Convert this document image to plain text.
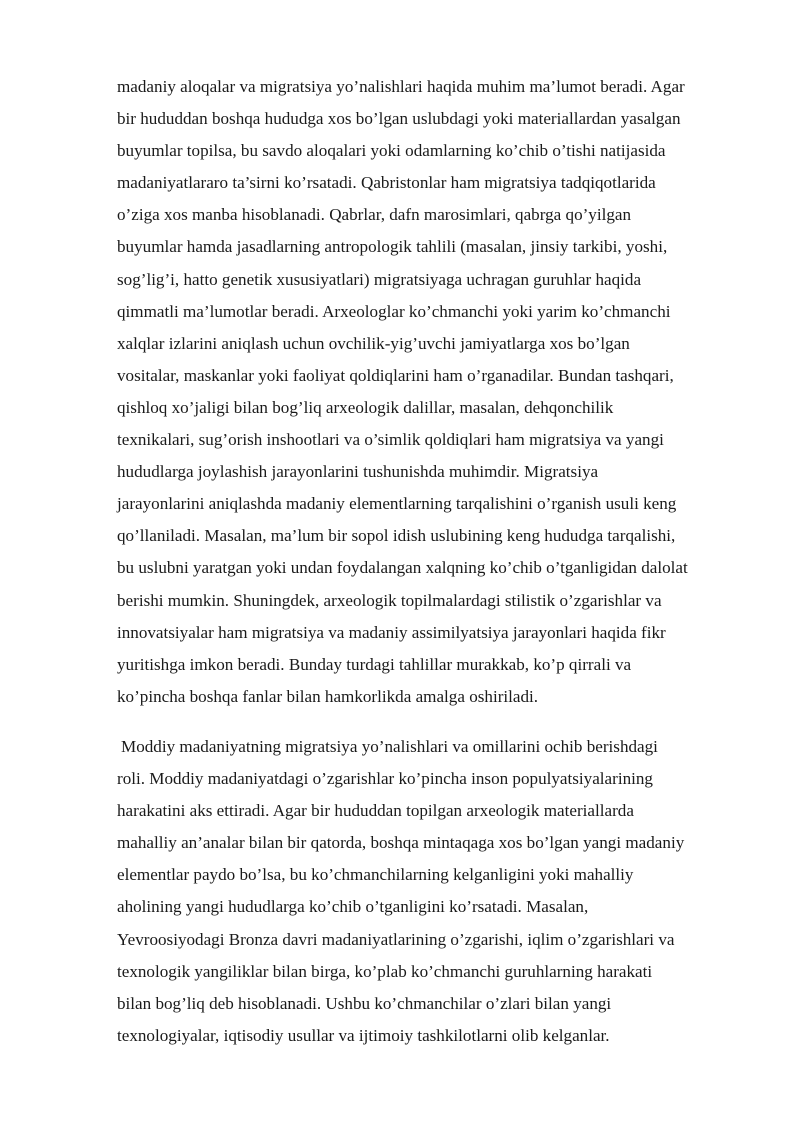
madaniy aloqalar va migratsiya yo’nalishlari haqida muhim ma’lumot beradi. Agar
bir hududdan boshqa hududga xos bo’lgan uslubdagi yoki materiallardan yasalgan
buyumlar topilsa, bu savdo aloqalari yoki odamlarning ko’chib o’tishi natijasida
madaniyatlararo ta’sirni ko’rsatadi. Qabristonlar ham migratsiya tadqiqotlarida
o’ziga xos manba hisoblanadi. Qabrlar, dafn marosimlari, qabrga qo’yilgan
buyumlar hamda jasadlarning antropologik tahlili (masalan, jinsiy tarkibi, yoshi,
sog’lig’i, hatto genetik xususiyatlari) migratsiyaga uchragan guruhlar haqida
qimmatli ma’lumotlar beradi. Arxeologlar ko’chmanchi yoki yarim ko’chmanchi
xalqlar izlarini aniqlash uchun ovchilik-yig’uvchi jamiyatlarga xos bo’lgan
vositalar, maskanlar yoki faoliyat qoldiqlarini ham o’rganadilar. Bundan tashqari,
qishloq xo’jaligi bilan bog’liq arxeologik dalillar, masalan, dehqonchilik
texnikalari, sug’orish inshootlari va o’simlik qoldiqlari ham migratsiya va yangi
hududlarga joylashish jarayonlarini tushunishda muhimdir. Migratsiya
jarayonlarini aniqlashda madaniy elementlarning tarqalishini o’rganish usuli keng
qo’llaniladi. Masalan, ma’lum bir sopol idish uslubining keng hududga tarqalishi,
bu uslubni yaratgan yoki undan foydalangan xalqning ko’chib o’tganligidan dalolat
berishi mumkin. Shuningdek, arxeologik topilmalardagi stilistik o’zgarishlar va
innovatsiyalar ham migratsiya va madaniy assimilyatsiya jarayonlari haqida fikr
yuritishga imkon beradi. Bunday turdagi tahlillar murakkab, ko’p qirrali va
ko’pincha boshqa fanlar bilan hamkorlikda amalga oshiriladi.
Moddiy madaniyatning migratsiya yo’nalishlari va omillarini ochib berishdagi
roli. Moddiy madaniyatdagi o’zgarishlar ko’pincha inson populyatsiyalarining
harakatini aks ettiradi. Agar bir hududdan topilgan arxeologik materiallarda
mahalliy an’analar bilan bir qatorda, boshqa mintaqaga xos bo’lgan yangi madaniy
elementlar paydo bo’lsa, bu ko’chmanchilarning kelganligini yoki mahalliy
aholining yangi hududlarga ko’chib o’tganligini ko’rsatadi. Masalan,
Yevroosiyodagi Bronza davri madaniyatlarining o’zgarishi, iqlim o’zgarishlari va
texnologik yangiliklar bilan birga, ko’plab ko’chmanchi guruhlarning harakati
bilan bog’liq deb hisoblanadi. Ushbu ko’chmanchilar o’zlari bilan yangi
texnologiyalar, iqtisodiy usullar va ijtimoiy tashkilotlarni olib kelganlar.
